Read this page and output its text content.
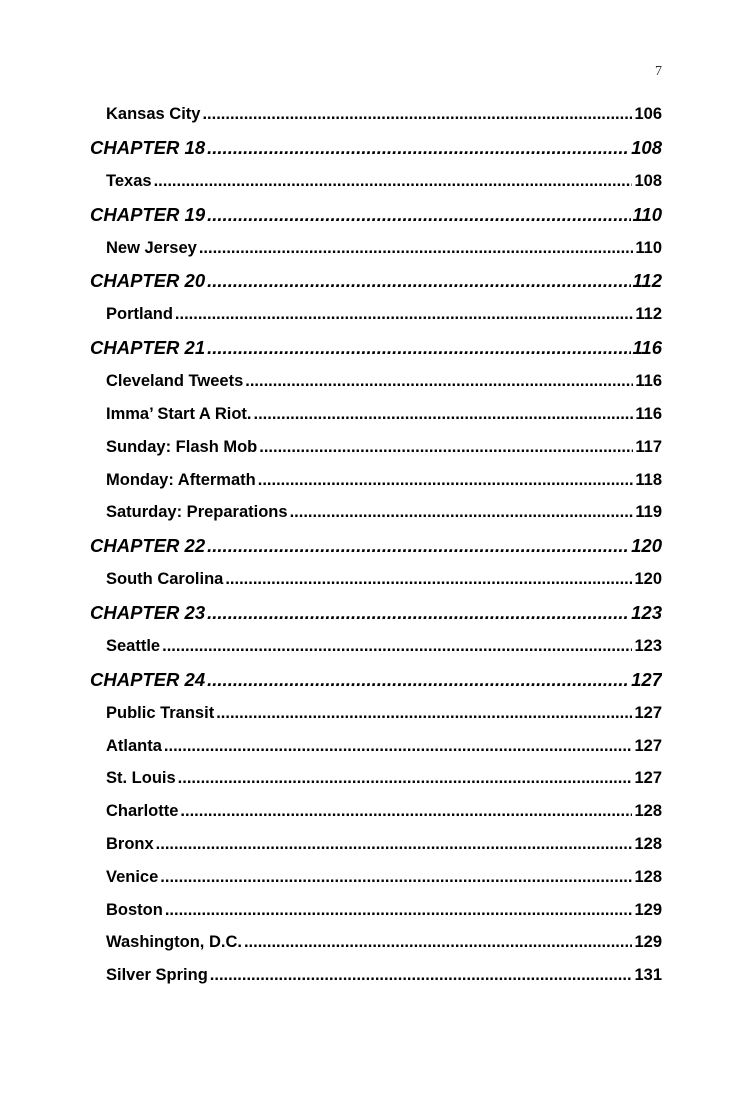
7
Kansas City .....	106
CHAPTER 18 .....	108
Texas .....	108
CHAPTER 19 .....	110
New Jersey .....	110
CHAPTER 20 .....	112
Portland .....	112
CHAPTER 21 .....	116
Cleveland Tweets .....	116
Imma’ Start A Riot. .....	116
Sunday: Flash Mob .....	117
Monday: Aftermath .....	118
Saturday: Preparations .....	119
CHAPTER 22 .....	120
South Carolina .....	120
CHAPTER 23 .....	123
Seattle .....	123
CHAPTER 24 .....	127
Public Transit .....	127
Atlanta .....	127
St. Louis .....	127
Charlotte .....	128
Bronx .....	128
Venice .....	128
Boston .....	129
Washington, D.C. .....	129
Silver Spring .....	131
